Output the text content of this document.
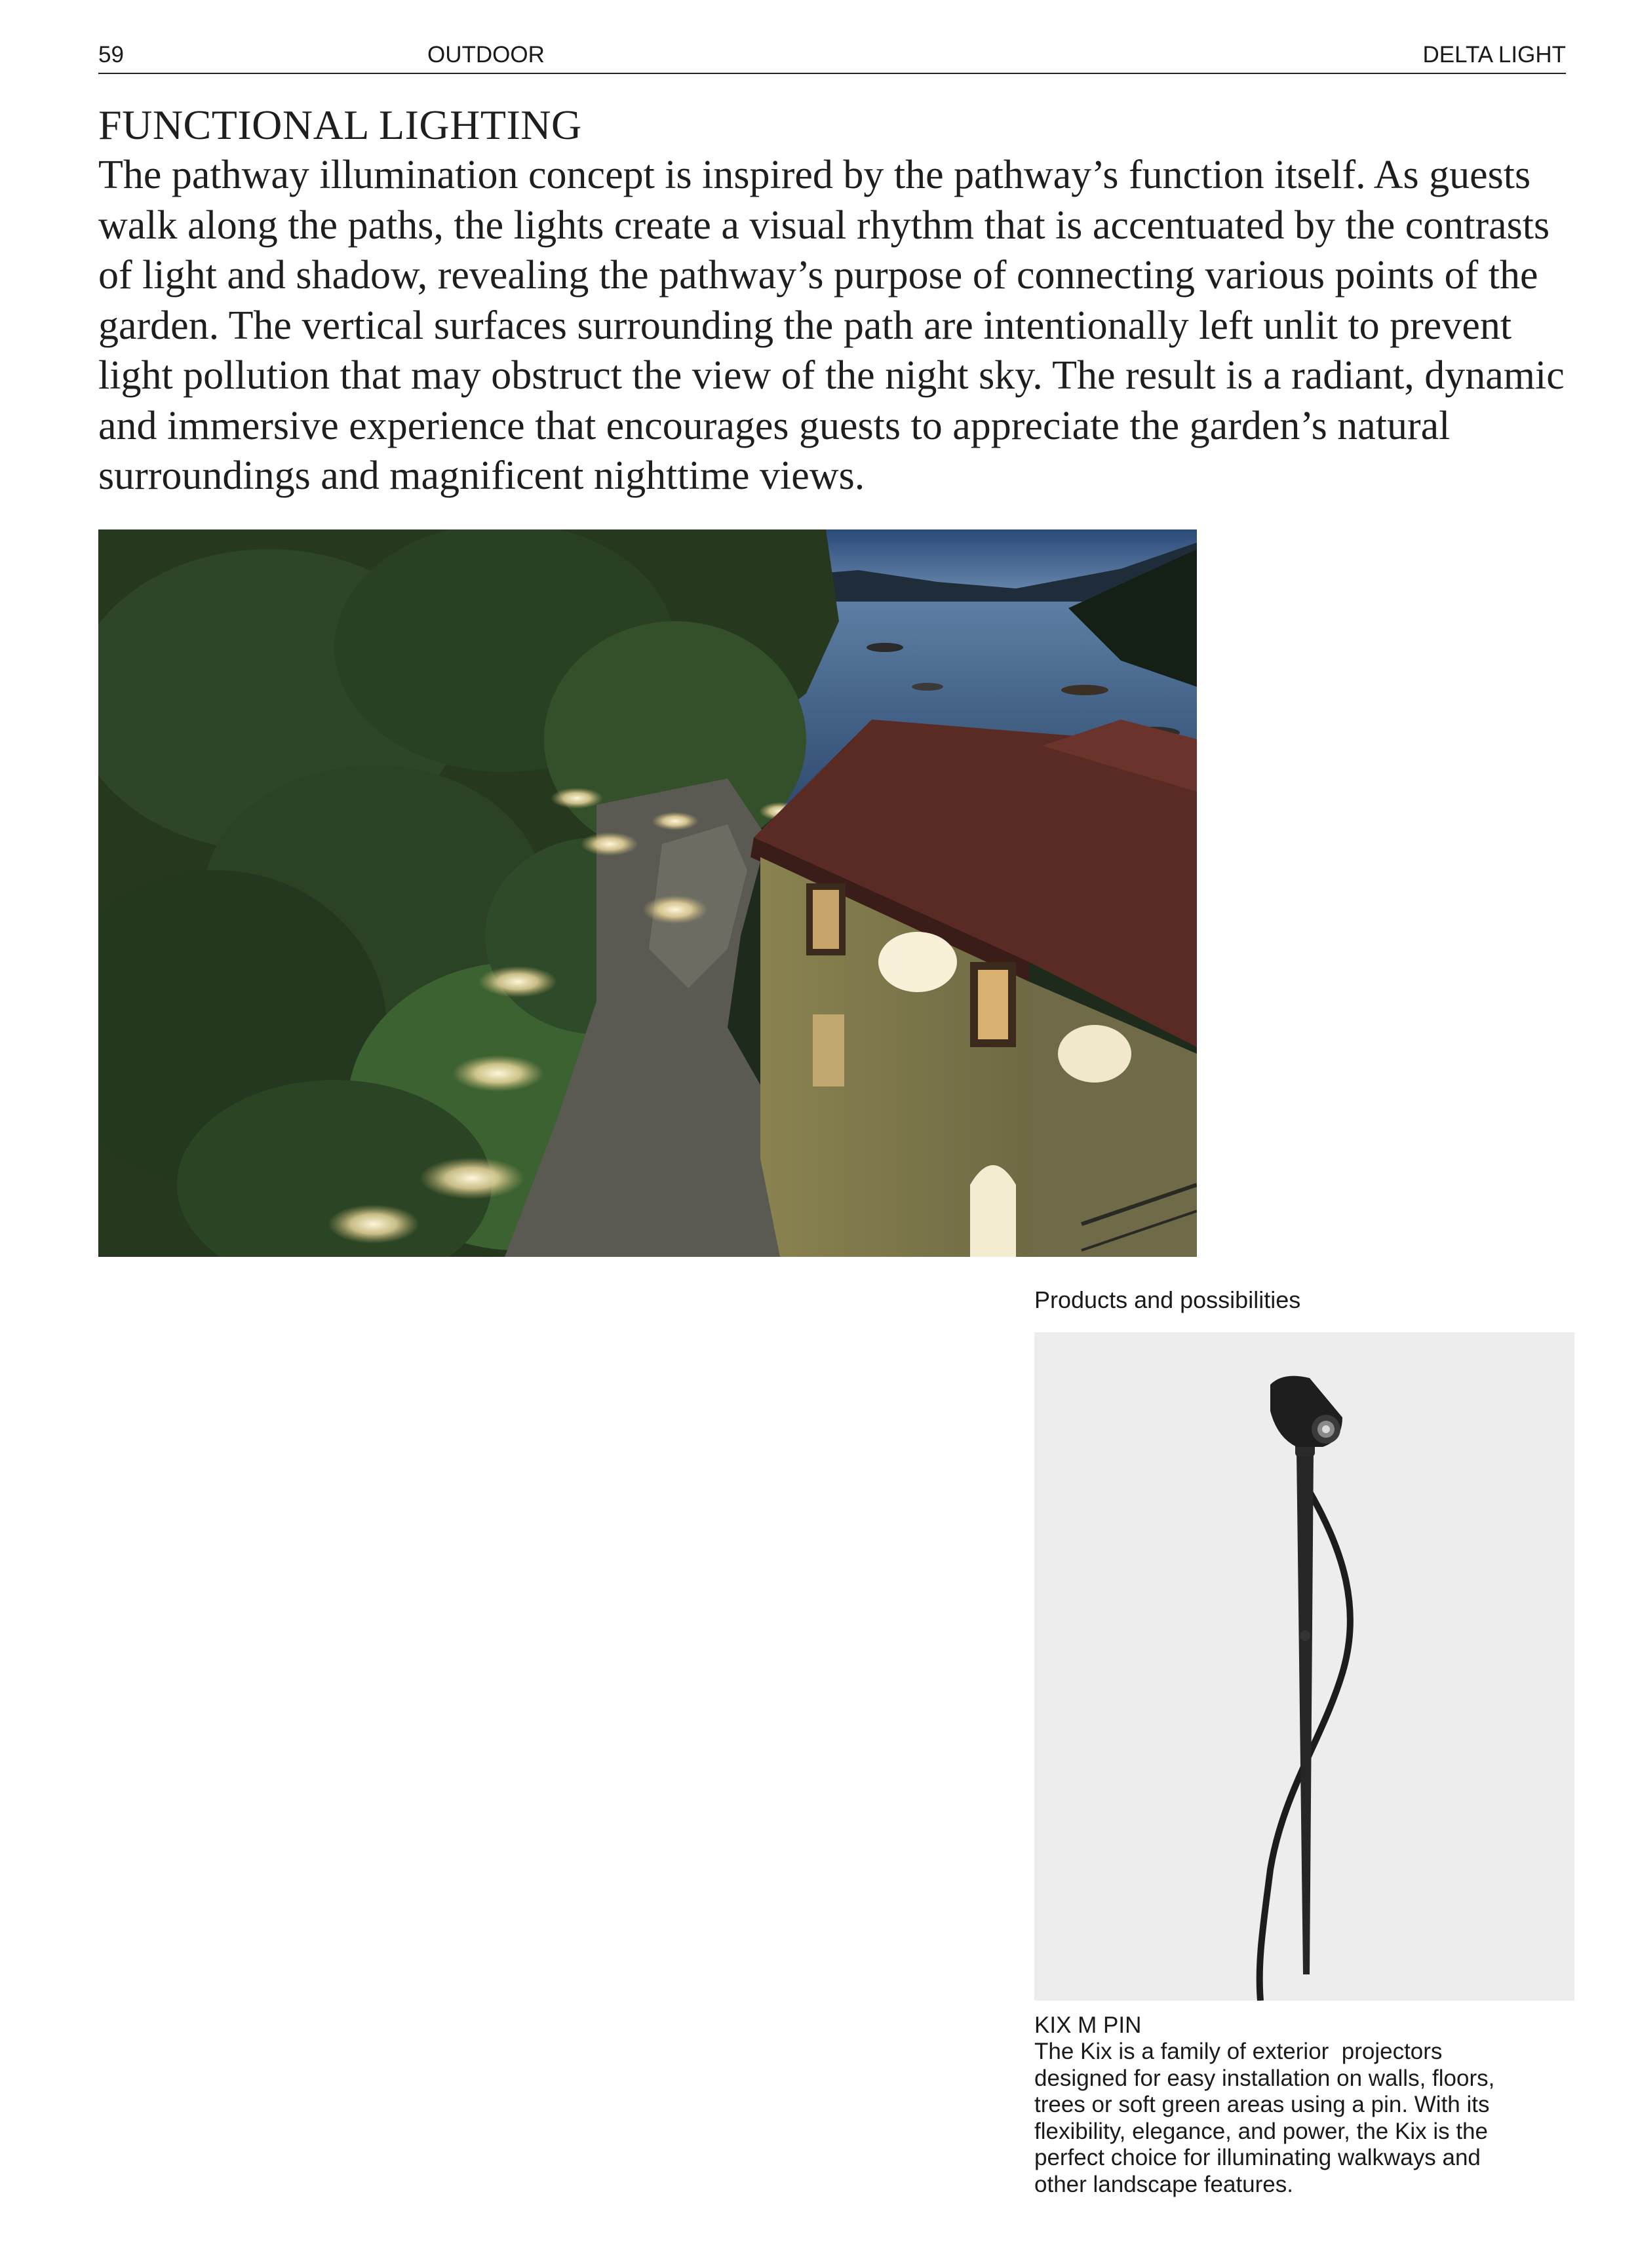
59	OUTDOOR	DELTA LIGHT
FUNCTIONAL LIGHTING
The pathway illumination concept is inspired by the pathway’s function itself. As guests
walk along the paths, the lights create a visual rhythm that is accentuated by the contrasts
of light and shadow, revealing the pathway’s purpose of connecting various points of the
garden. The vertical surfaces surrounding the path are intentionally left unlit to prevent
light pollution that may obstruct the view of the night sky. The result is a radiant, dynamic
and immersive experience that encourages guests to appreciate the garden’s natural
surroundings and magnificent nighttime views.
Products and possibilities
KIX M PIN
The Kix is a family of exterior  projectors
designed for easy installation on walls, floors,
trees or soft green areas using a pin. With its
flexibility, elegance, and power, the Kix is the
perfect choice for illuminating walkways and
other landscape features.
